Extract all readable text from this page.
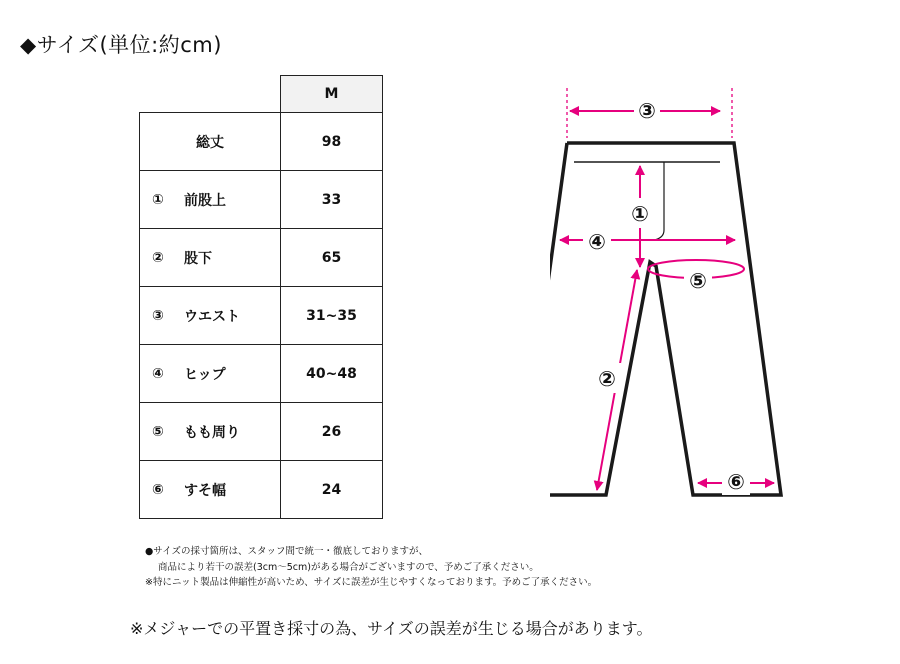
◆サイズ(単位:約cm)
	M
総丈	98

① 前股上	33

② 股下	65

③ ウエスト	31~35

④ ヒップ	40~48

⑤ もも周り	26

⑥ すそ幅	24
③
①
④
⑤
②
⑥
●サイズの採寸箇所は、スタッフ間で統一・徹底しておりますが、
商品により若干の誤差(3cm〜5cm)がある場合がございますので、予めご了承ください。
※特にニット製品は伸縮性が高いため、サイズに誤差が生じやすくなっております。予めご了承ください。
※メジャーでの平置き採寸の為、サイズの誤差が生じる場合があります。
